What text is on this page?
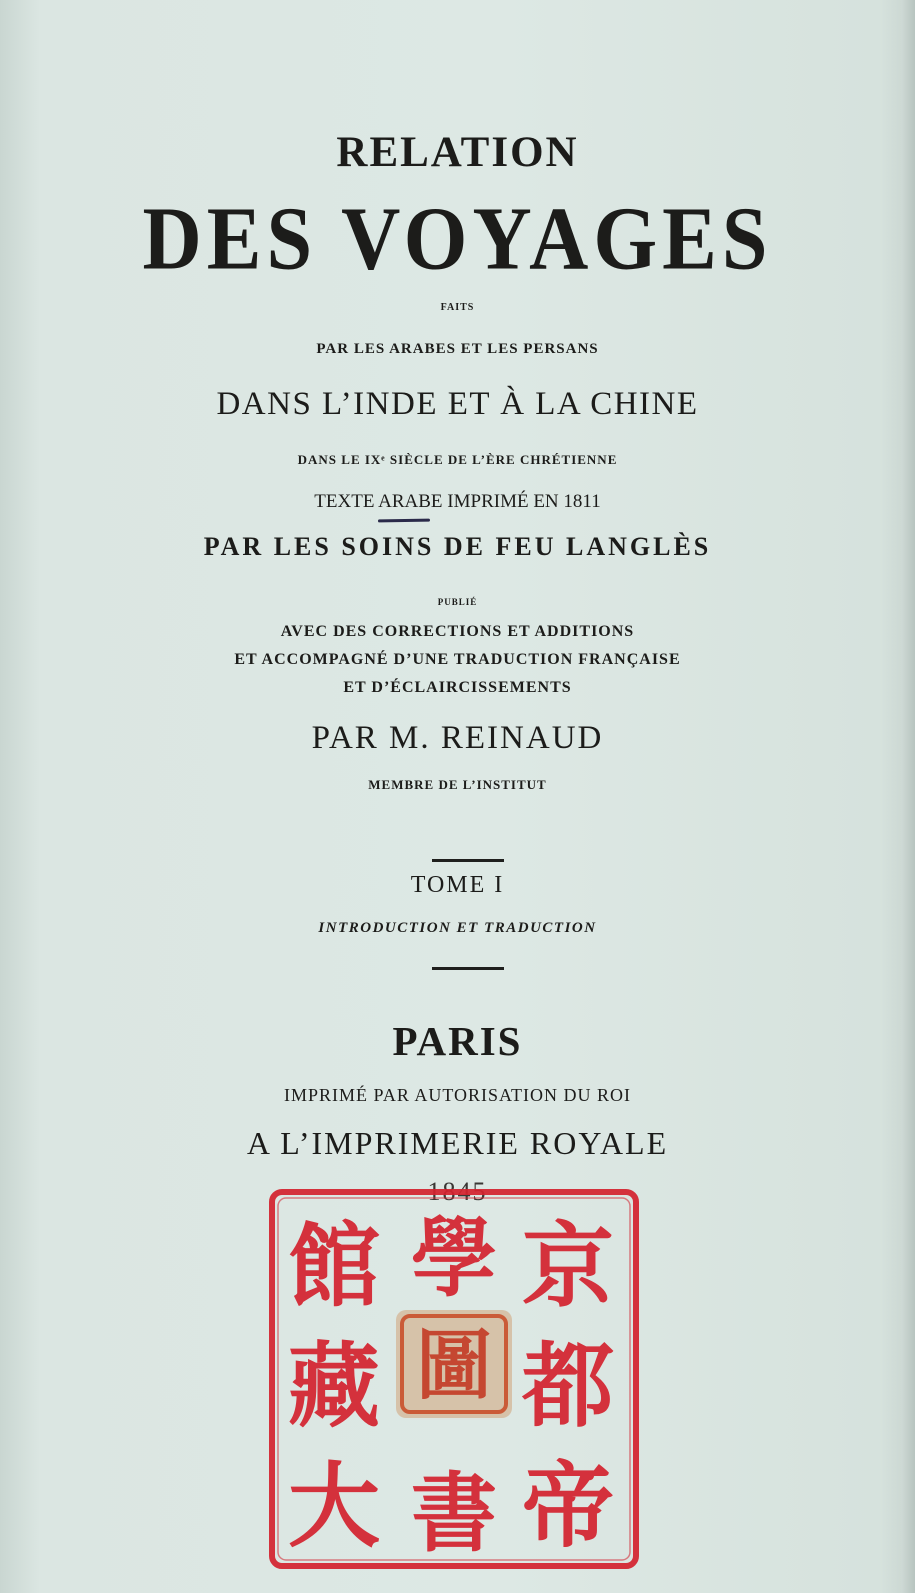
RELATION
DES VOYAGES
FAITS
PAR LES ARABES ET LES PERSANS
DANS L’INDE ET À LA CHINE
DANS LE IXᵉ SIÈCLE DE L’ÈRE CHRÉTIENNE
TEXTE ARABE IMPRIMÉ EN 1811
PAR LES SOINS DE FEU LANGLÈS
PUBLIÉ
AVEC DES CORRECTIONS ET ADDITIONS
ET ACCOMPAGNÉ D’UNE TRADUCTION FRANÇAISE
ET D’ÉCLAIRCISSEMENTS
PAR M. REINAUD
MEMBRE DE L’INSTITUT
TOME I
INTRODUCTION ET TRADUCTION
PARIS
IMPRIMÉ PAR AUTORISATION DU ROI
A L’IMPRIMERIE ROYALE
1845
京
都
帝
學
書
館
藏
大
圖
